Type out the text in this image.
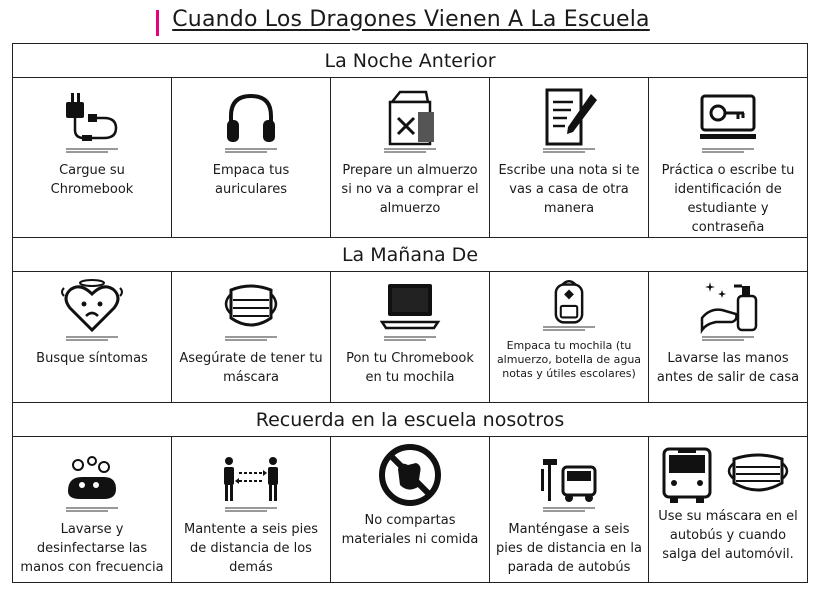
Cuando Los Dragones Vienen A La Escuela
La Noche Anterior				

Cargue su Chromebook	Empaca tus auriculares	Prepare un almuerzo si no va a comprar el almuerzo	Escribe una nota si te vas a casa de otra manera	Práctica o escribe tu identificación de estudiante y contraseña

La Mañana De				

Busque síntomas	Asegúrate de tener tu máscara	Pon tu Chromebook en tu mochila	Empaca tu mochila (tu almuerzo, botella de agua notas y útiles escolares)	Lavarse las manos antes de salir de casa

Recuerda en la escuela nosotros				

Lavarse y desinfectarse las manos con frecuencia	Mantente a seis pies de distancia de los demás	No compartas materiales ni comida	Manténgase a seis pies de distancia en la parada de autobús	Use su máscara en el autobús y cuando salga del automóvil.
